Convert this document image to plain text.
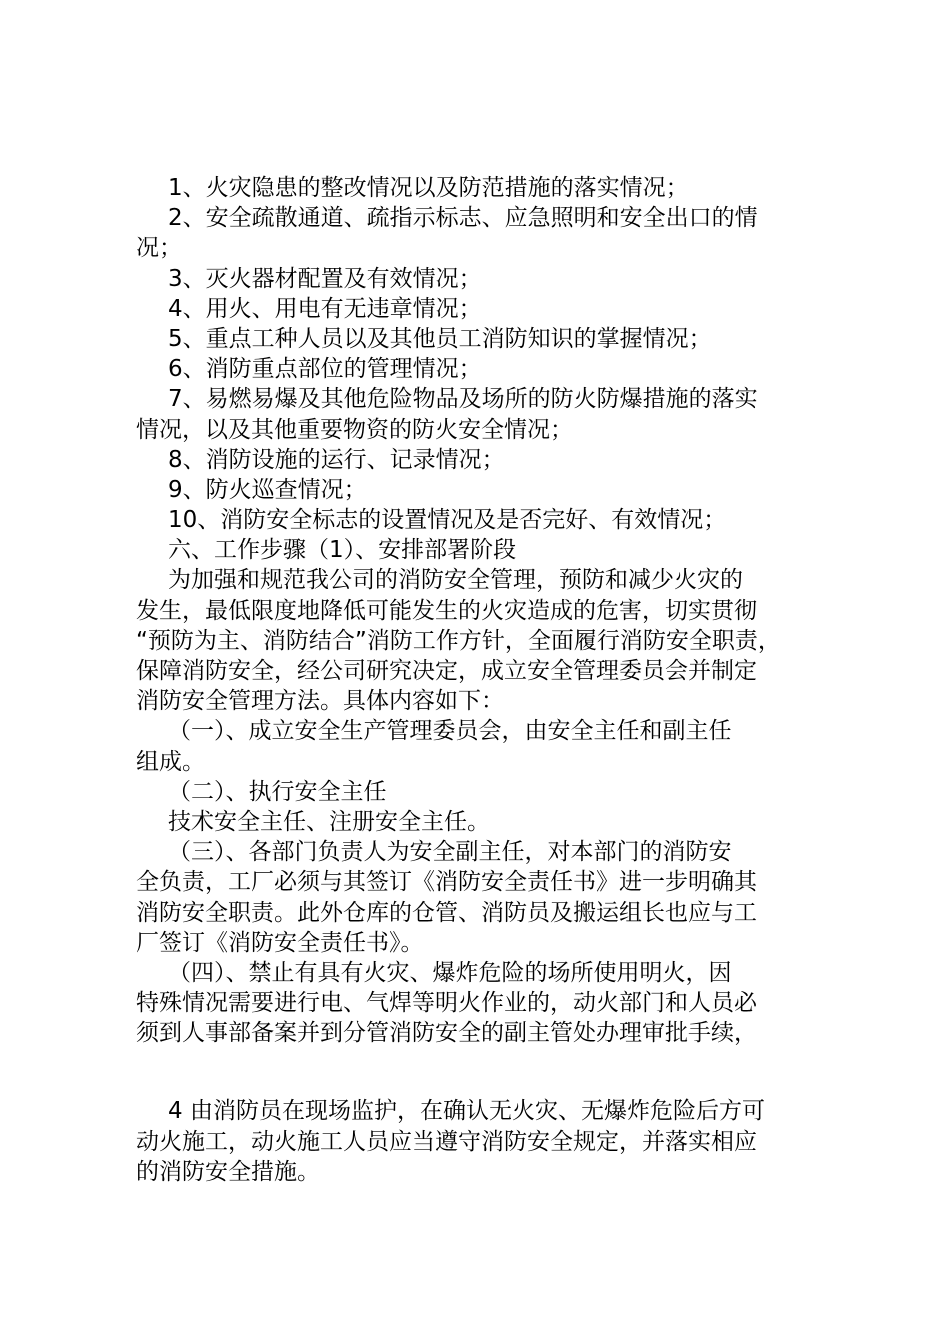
1、火灾隐患的整改情况以及防范措施的落实情况；
2、安全疏散通道、疏指示标志、应急照明和安全出口的情
况；
3、灭火器材配置及有效情况；
4、用火、用电有无违章情况；
5、重点工种人员以及其他员工消防知识的掌握情况；
6、消防重点部位的管理情况；
7、易燃易爆及其他危险物品及场所的防火防爆措施的落实
情况，以及其他重要物资的防火安全情况；
8、消防设施的运行、记录情况；
9、防火巡查情况；
10、消防安全标志的设置情况及是否完好、有效情况；
六、工作步骤（1）、安排部署阶段
为加强和规范我公司的消防安全管理，预防和减少火灾的
发生，最低限度地降低可能发生的火灾造成的危害，切实贯彻
“预防为主、消防结合”消防工作方针，全面履行消防安全职责，
保障消防安全，经公司研究决定，成立安全管理委员会并制定
消防安全管理方法。具体内容如下：
（一）、成立安全生产管理委员会，由安全主任和副主任
组成。
（二）、执行安全主任
技术安全主任、注册安全主任。
（三）、各部门负责人为安全副主任，对本部门的消防安
全负责，工厂必须与其签订《消防安全责任书》进一步明确其
消防安全职责。此外仓库的仓管、消防员及搬运组长也应与工
厂签订《消防安全责任书》。
（四）、禁止有具有火灾、爆炸危险的场所使用明火，因
特殊情况需要进行电、气焊等明火作业的，动火部门和人员必
须到人事部备案并到分管消防安全的副主管处办理审批手续，
4 由消防员在现场监护，在确认无火灾、无爆炸危险后方可
动火施工，动火施工人员应当遵守消防安全规定，并落实相应
的消防安全措施。
